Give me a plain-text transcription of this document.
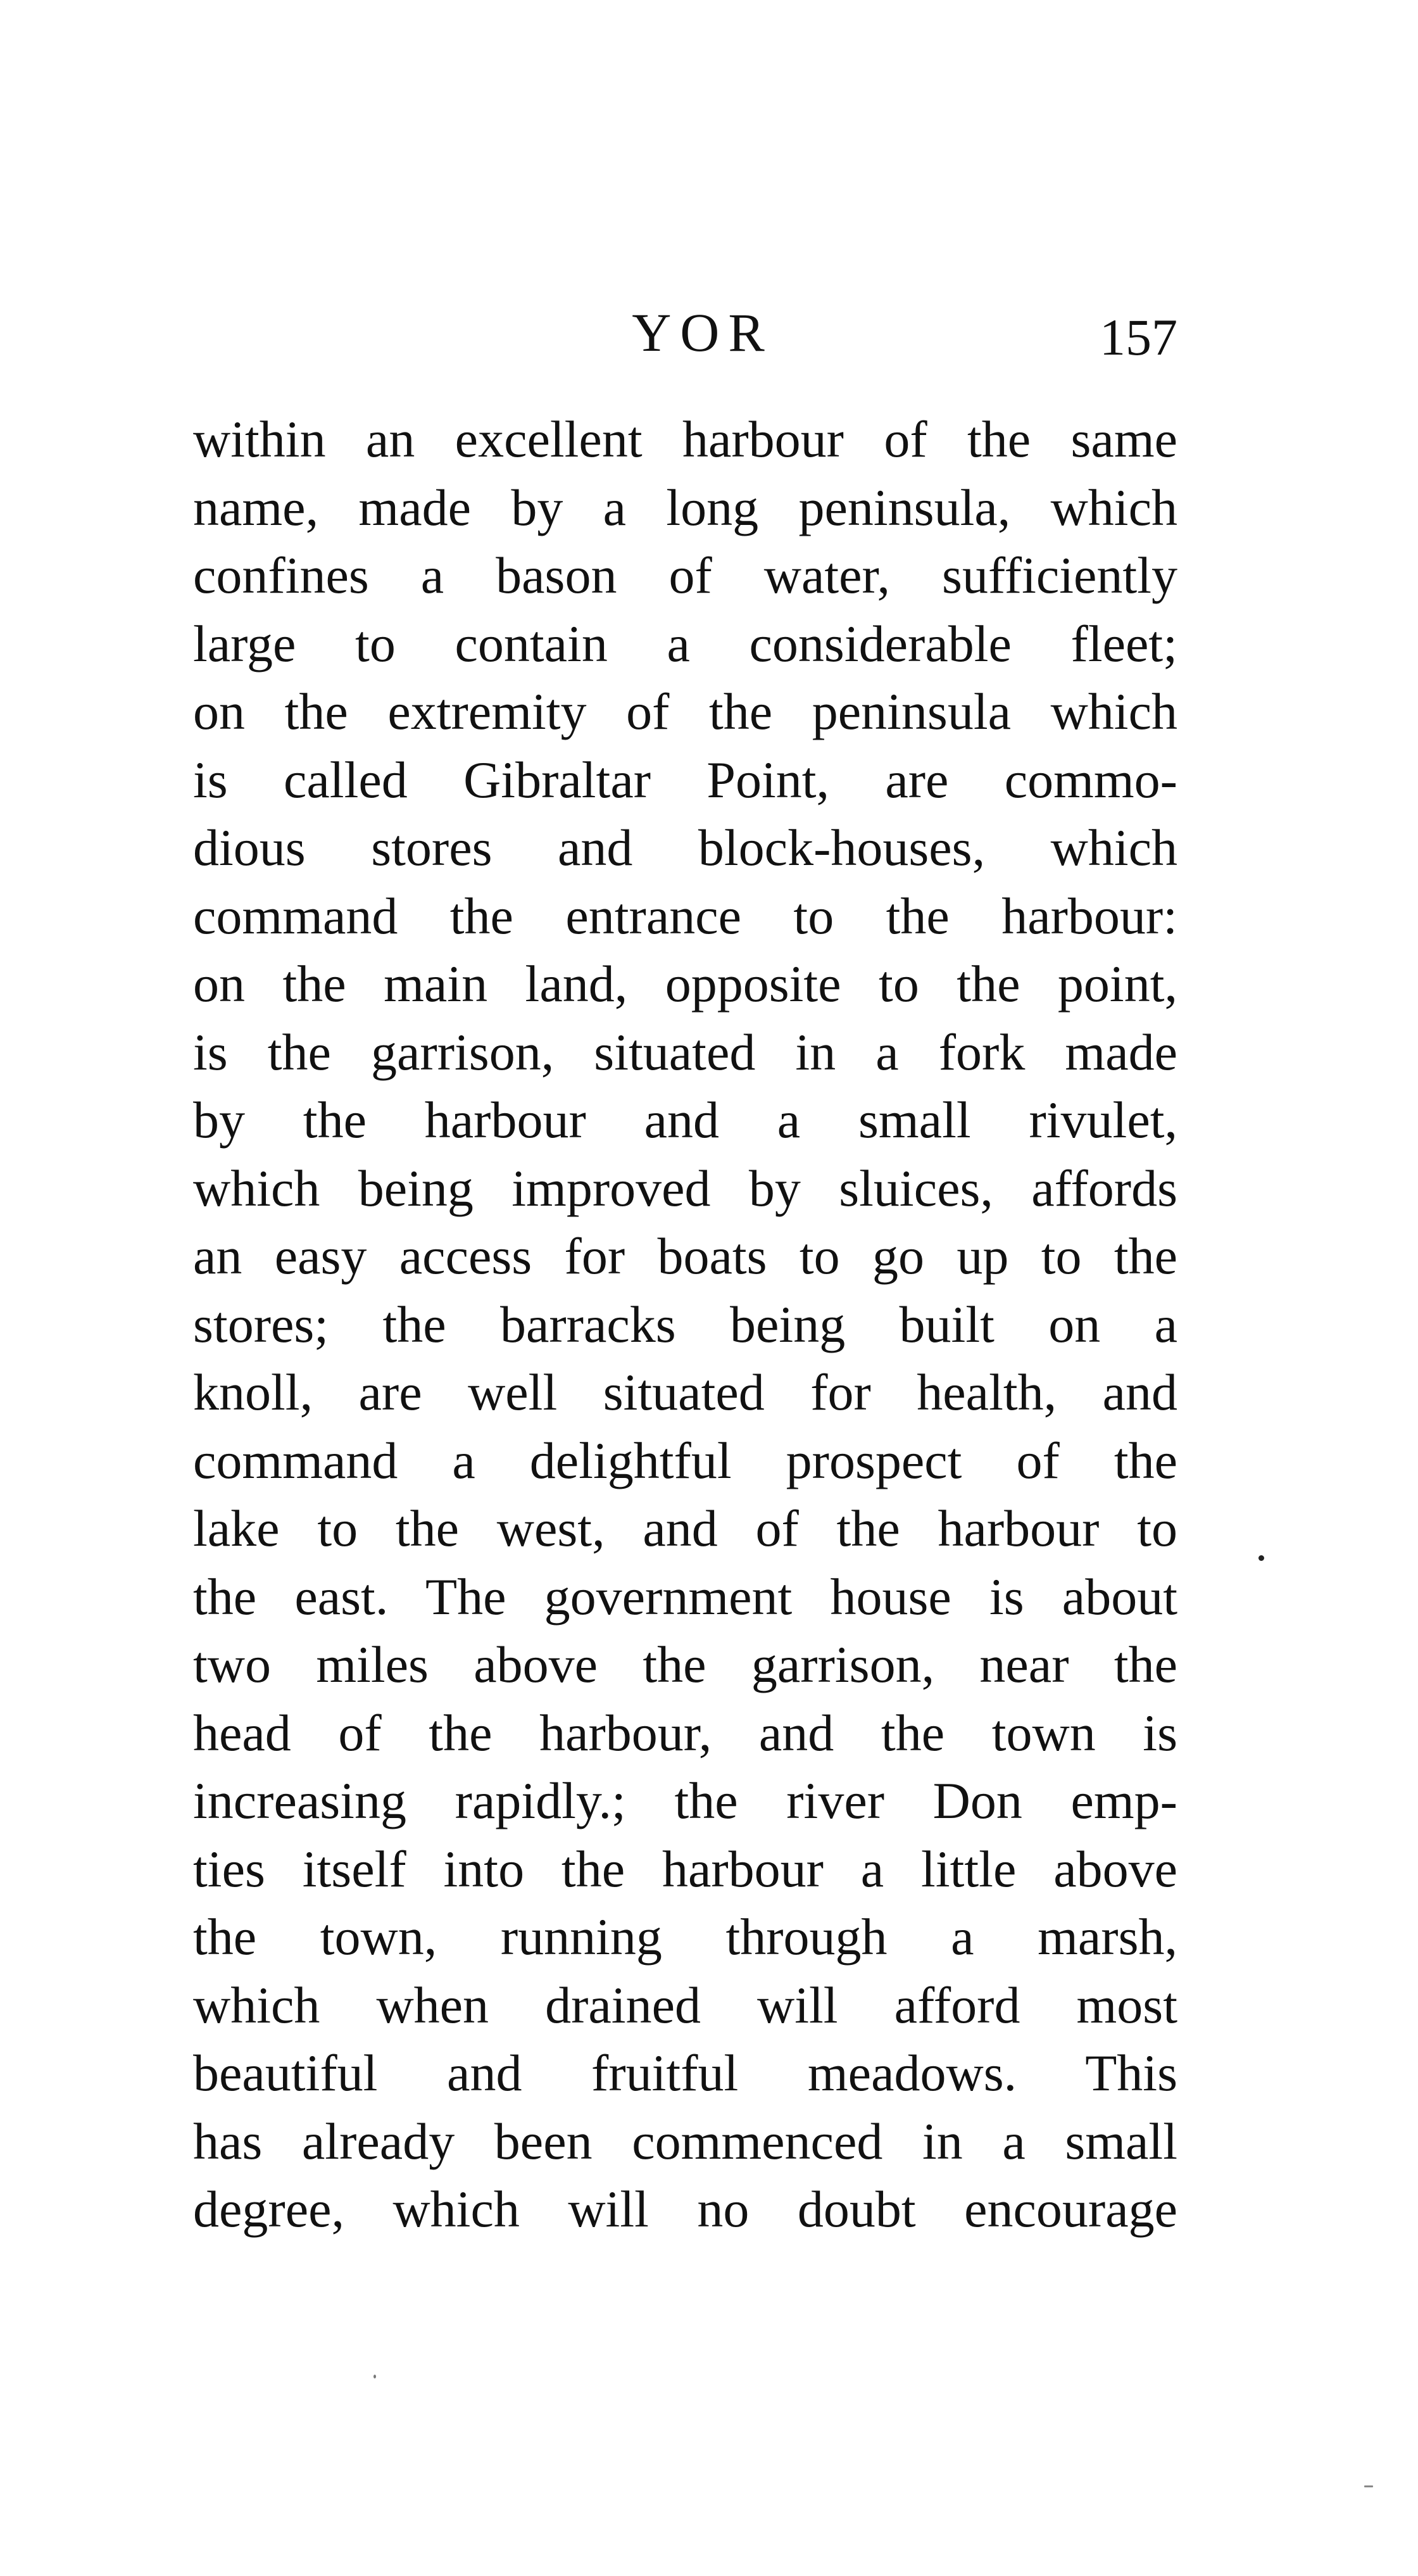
YOR	157
within an excellent harbour of the same
name, made by a long peninsula, which
confines a bason of water, sufficiently
large to contain a considerable fleet;
on the extremity of the peninsula which
is called Gibraltar Point, are commo-
dious stores and block-houses, which
command the entrance to the harbour:
on the main land, opposite to the point,
is the garrison, situated in a fork made
by the harbour and a small rivulet,
which being improved by sluices, affords
an easy access for boats to go up to the
stores; the barracks being built on a
knoll, are well situated for health, and
command a delightful prospect of the
lake to the west, and of the harbour to
the east. The government house is about
two miles above the garrison, near the
head of the harbour, and the town is
increasing rapidly.; the river Don emp-
ties itself into the harbour a little above
the town, running through a marsh,
which when drained will afford most
beautiful and fruitful meadows. This
has already been commenced in a small
degree, which will no doubt encourage
